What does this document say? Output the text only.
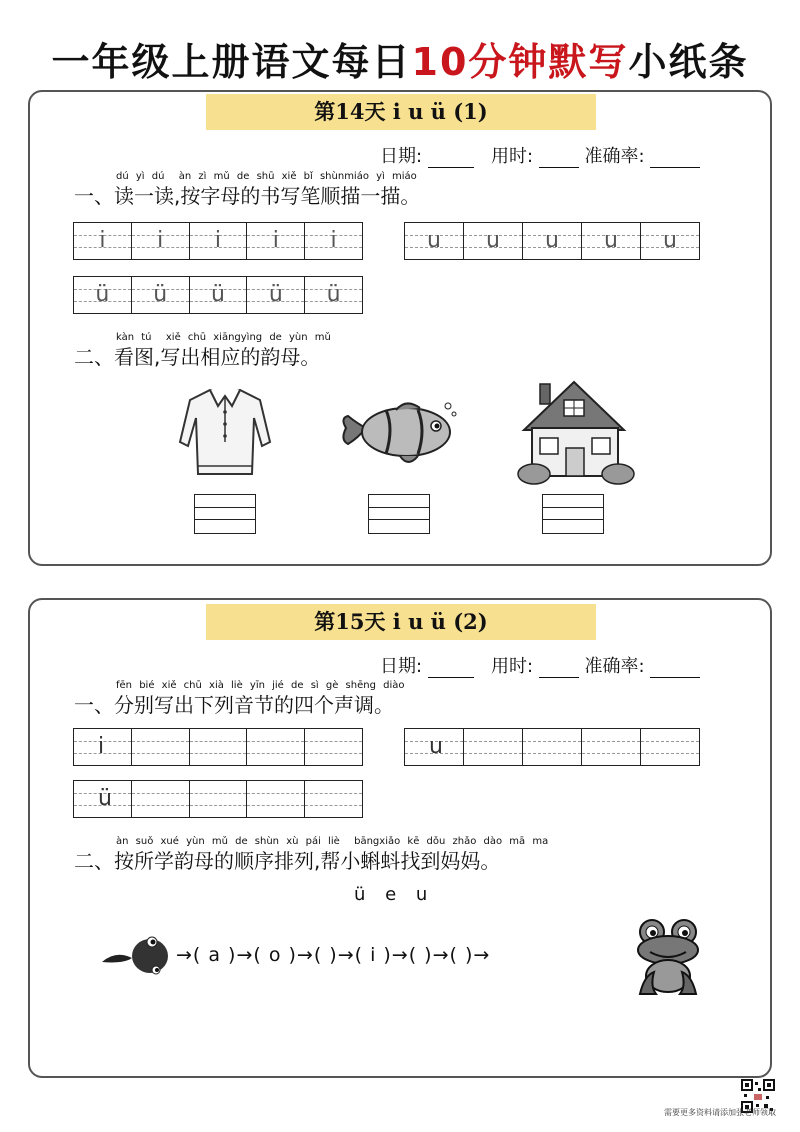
一年级上册语文每日10分钟默写小纸条
第14天 i u ü (1)
日期:	用时:	准确率:
dú yì dú  àn zì mǔ de shū xiě bǐ shùnmiáo yì miáo
一、读一读,按字母的书写笔顺描一描。
i	i	i	i	i	u	u	u	u	u
ü	ü	ü	ü	ü
kàn tú  xiě chū xiāngyìng de yùn mǔ
二、看图,写出相应的韵母。
第15天 i u ü (2)
日期:	用时:	准确率:
fēn bié xiě chū xià liè yīn jié de sì gè shēng diào
一、分别写出下列音节的四个声调。
i	u
ü
àn suǒ xué yùn mǔ de shùn xù pái liè  bāngxiǎo kē dǒu zhǎo dào mā ma
二、按所学韵母的顺序排列,帮小蝌蚪找到妈妈。
ü e u
→( a )→( o )→( )→( i )→( )→( )→
需要更多资料请添加张老师领取
